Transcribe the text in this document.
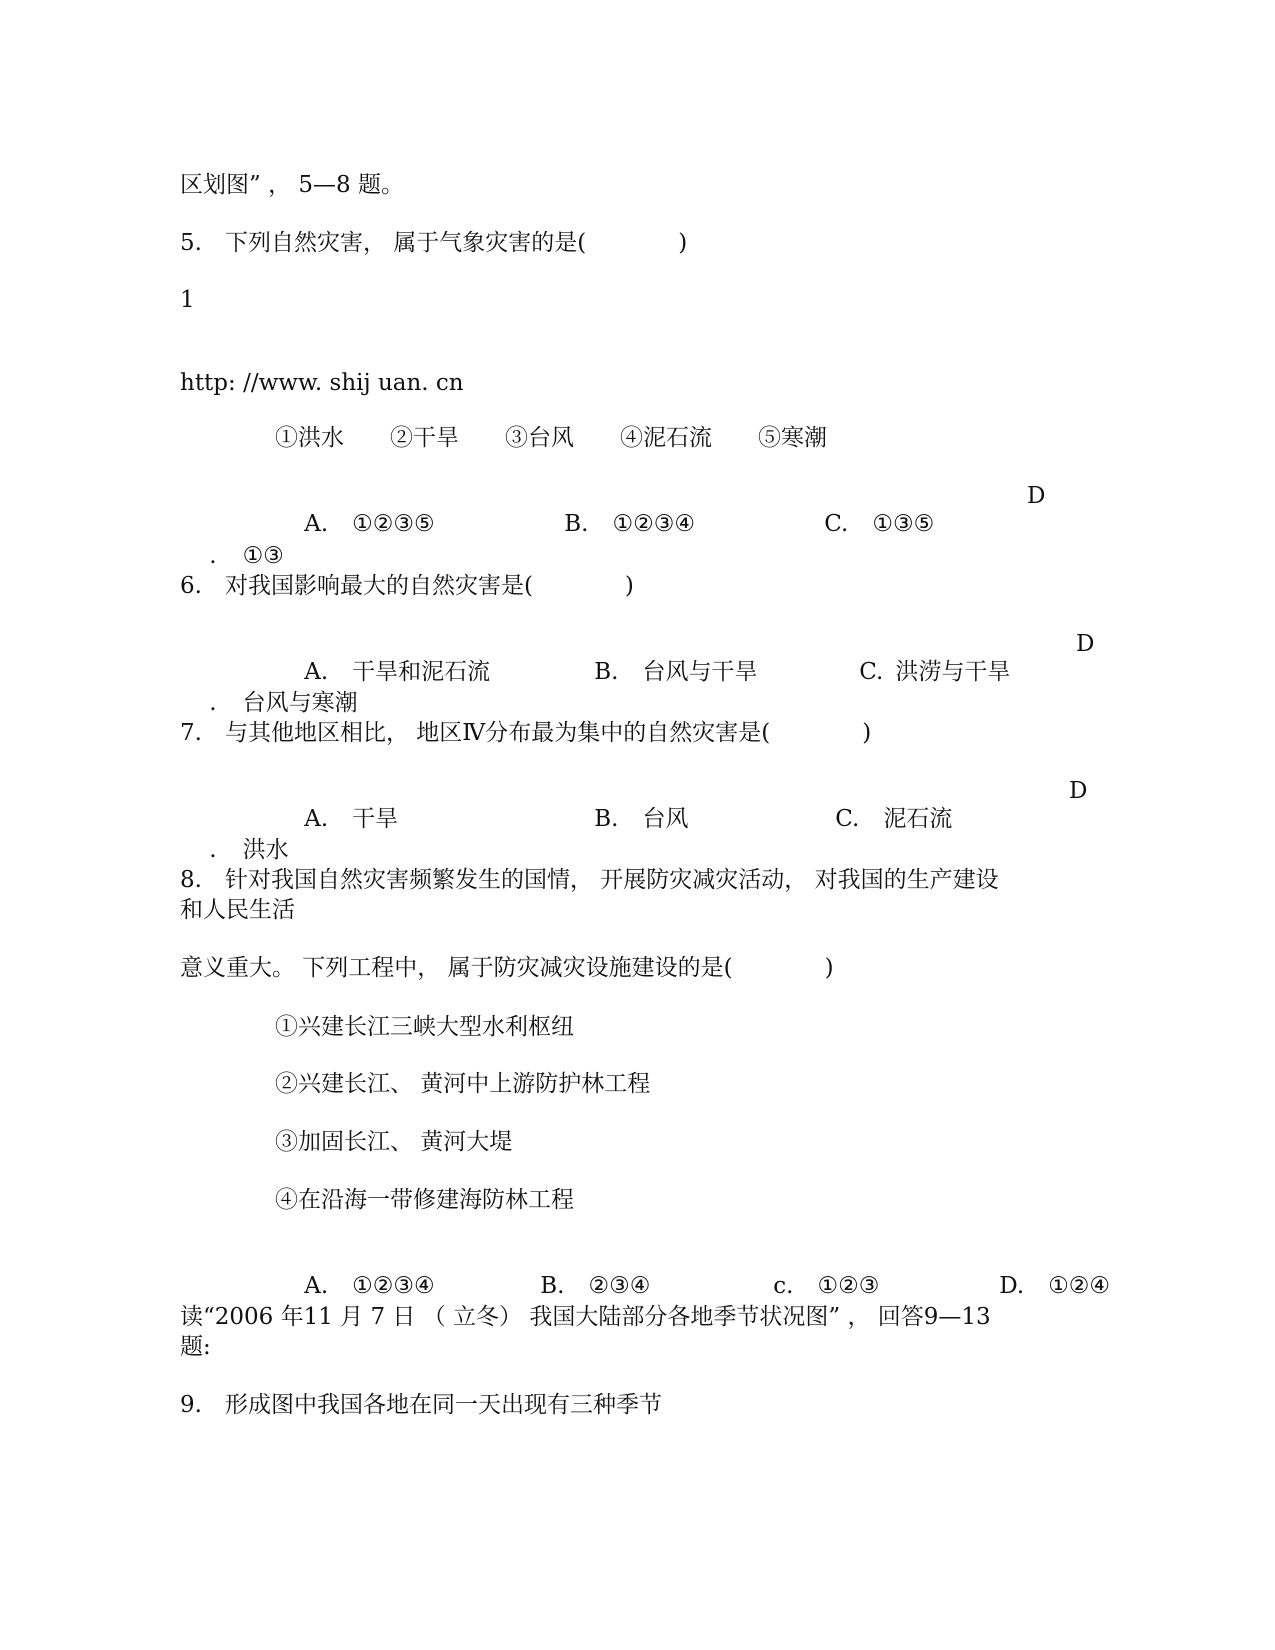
区划图” ， 5—8 题。
5.　下列自然灾害， 属于气象灾害的是(　　　　)
1
http: //www. shij uan. cn
①洪水　　②干旱　　③台风　　④泥石流　　⑤寒潮

A. ①②③⑤
	B. ①②③④
	C. ①③⑤

D

. ①③

6.　对我国影响最大的自然灾害是(　　　　)

A. 干旱和泥石流
	B. 台风与干旱
	C. 洪涝与干旱

D

. 台风与寒潮

7.　与其他地区相比， 地区Ⅳ分布最为集中的自然灾害是(　　　　)

A. 干旱
	B. 台风
	C. 泥石流

D

. 洪水

8.　针对我国自然灾害频繁发生的国情， 开展防灾减灾活动， 对我国的生产建设
和人民生活
意义重大。 下列工程中， 属于防灾减灾设施建设的是(　　　　)
①兴建长江三峡大型水利枢纽
②兴建长江、 黄河中上游防护林工程
③加固长江、 黄河大堤
④在沿海一带修建海防林工程

A. ①②③④
	B. ②③④
	c. ①②③
	D. ①②④

读“2006 年11 月 7 日 （ 立冬） 我国大陆部分各地季节状况图” ， 回答9—13
题:
9.　形成图中我国各地在同一天出现有三种季节
